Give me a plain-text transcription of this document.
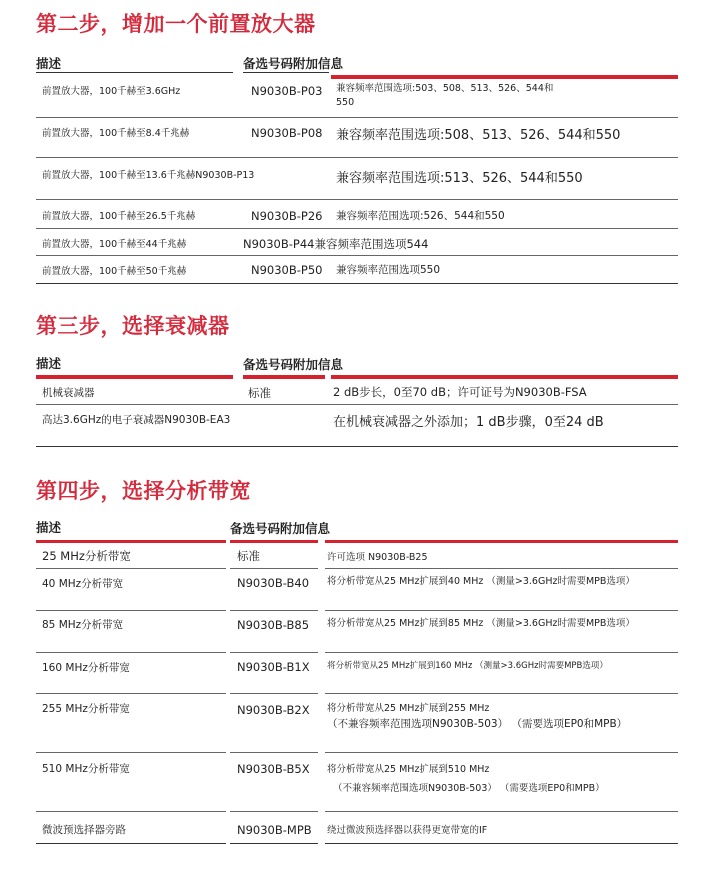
第二步，增加一个前置放大器
描述	备选号码附加信息
前置放大器，100千赫至3.6GHz	N9030B-P03 兼容频率范围选项:503、508、513、526、544和550
前置放大器，100千赫至8.4千兆赫	N9030B-P08 兼容频率范围选项:508、513、526、544和550
前置放大器，100千赫至13.6千兆赫N9030B-P13	兼容频率范围选项:513、526、544和550
前置放大器，100千赫至26.5千兆赫	N9030B-P26 兼容频率范围选项:526、544和550
前置放大器，100千赫至44千兆赫	N9030B-P44兼容频率范围选项544
前置放大器，100千赫至50千兆赫	N9030B-P50 兼容频率范围选项550
第三步，选择衰减器
描述	备选号码附加信息
机械衰减器	标准	2 dB步长，0至70 dB；许可证号为N9030B-FSA
高达3.6GHz的电子衰减器N9030B-EA3	在机械衰减器之外添加；1 dB步骤，0至24 dB
第四步，选择分析带宽
描述	备选号码附加信息
25 MHz分析带宽	标准	许可选项 N9030B-B25
40 MHz分析带宽	N9030B-B40 将分析带宽从25 MHz扩展到40 MHz （测量>3.6GHz时需要MPB选项）
85 MHz分析带宽	N9030B-B85 将分析带宽从25 MHz扩展到85 MHz （测量>3.6GHz时需要MPB选项）
160 MHz分析带宽	N9030B-B1X 将分析带宽从25 MHz扩展到160 MHz （测量>3.6GHz时需要MPB选项）
255 MHz分析带宽	N9030B-B2X 将分析带宽从25 MHz扩展到255 MHz
（不兼容频率范围选项N9030B-503） （需要选项EP0和MPB）
510 MHz分析带宽	N9030B-B5X 将分析带宽从25 MHz扩展到510 MHz
（不兼容频率范围选项N9030B-503） （需要选项EP0和MPB）
微波预选择器旁路	N9030B-MPB 绕过微波预选择器以获得更宽带宽的IF
